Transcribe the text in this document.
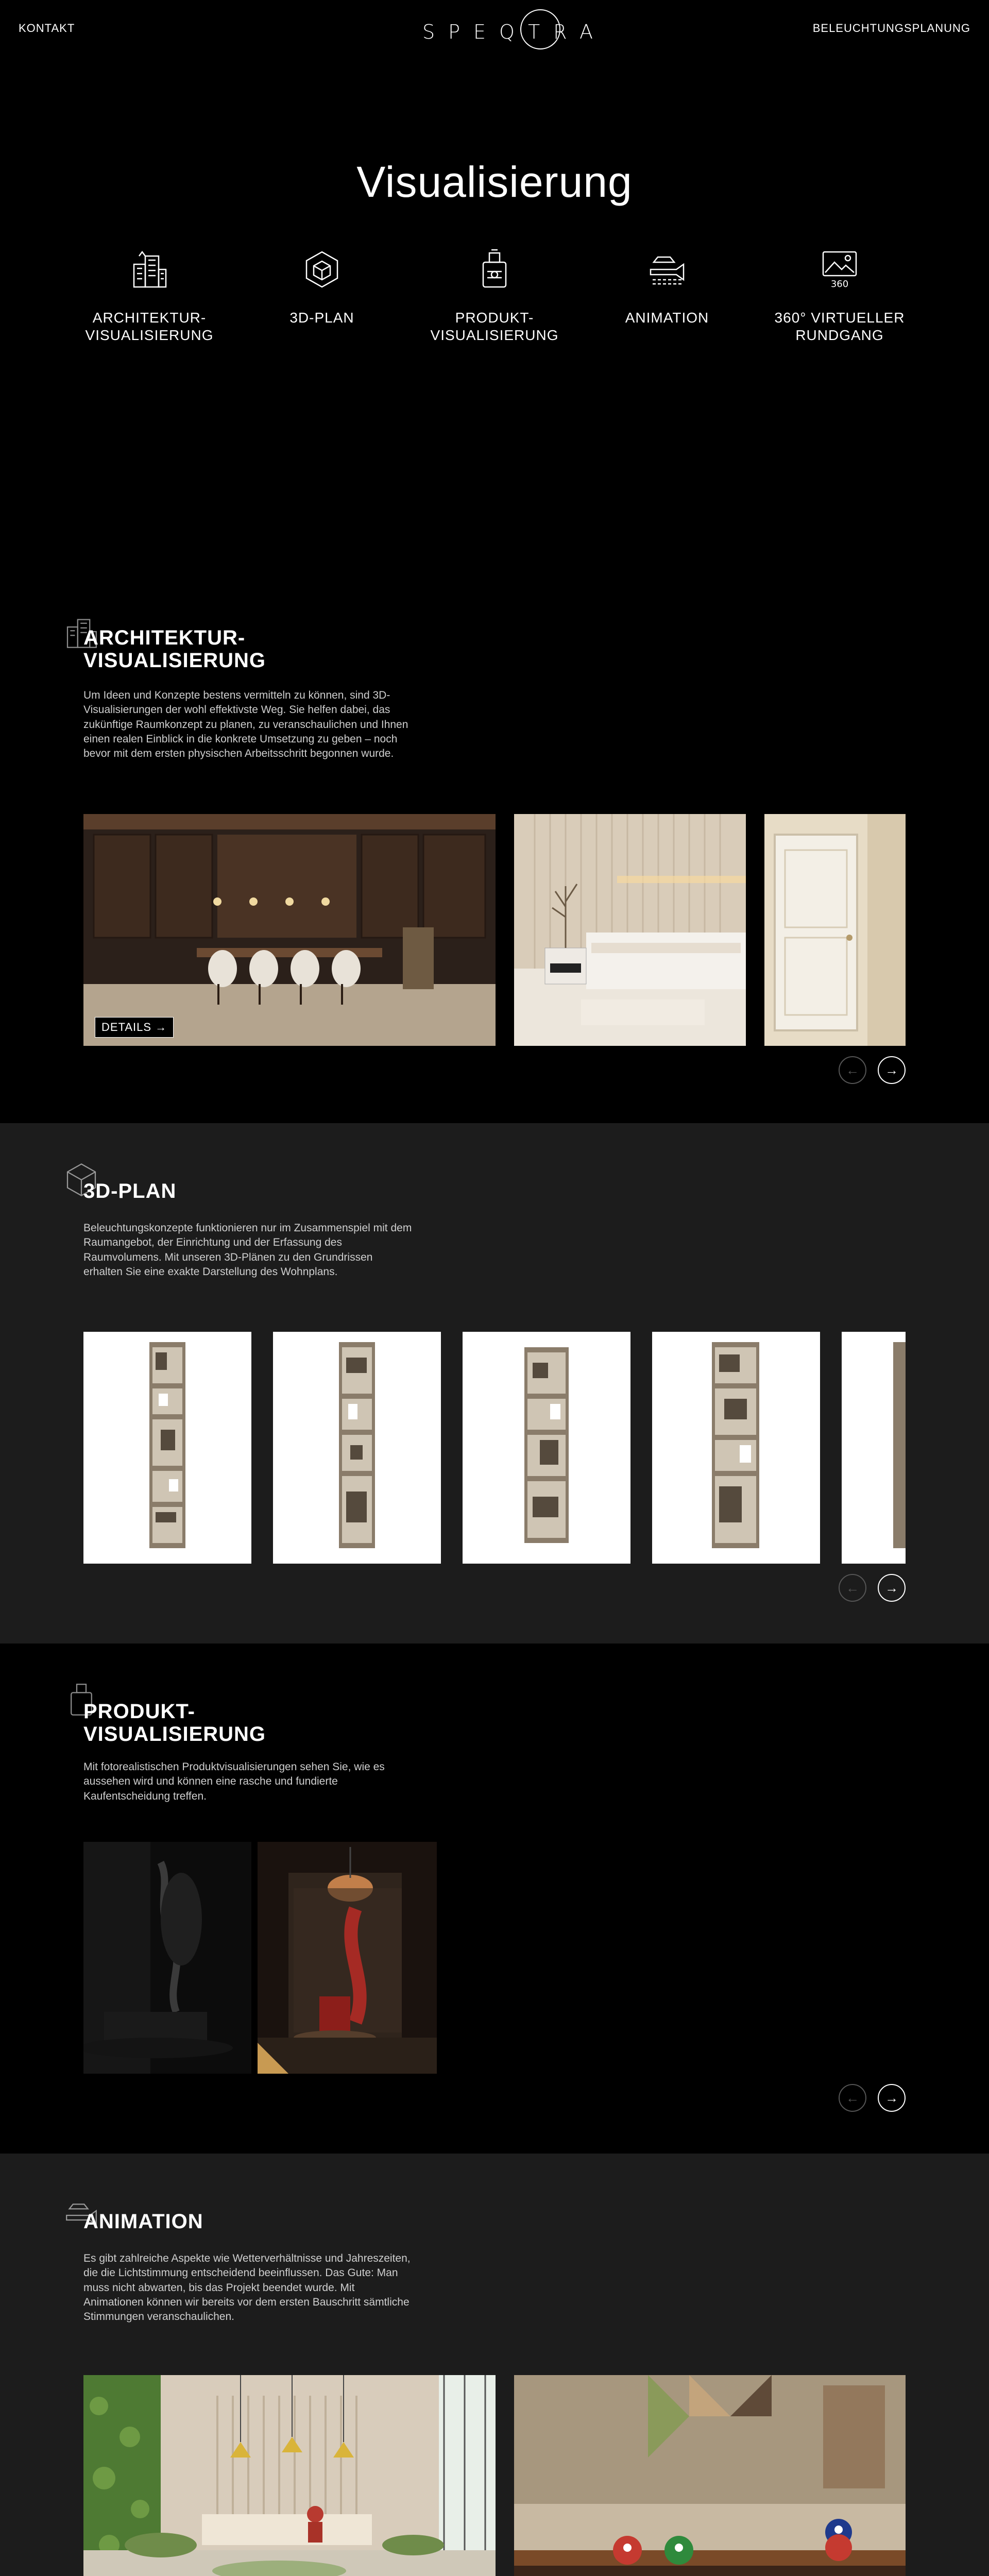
KONTAKT	SPEQTRA	BELEUCHTUNGSPLANUNG
Visualisierung
ARCHITEKTUR-
VISUALISIERUNG
3D-PLAN	PRODUKT-
VISUALISIERUNG
ANIMATION
360
360° VIRTUELLER
RUNDGANG
ARCHITEKTUR-
VISUALISIERUNG

Um Ideen und Konzepte bestens vermitteln zu können, sind 3D-Visualisierungen der wohl effektivste Weg. Sie helfen dabei, das zukünftige Raumkonzept zu planen, zu veranschaulichen und Ihnen einen realen Einblick in die konkrete Umsetzung zu geben – noch bevor mit dem ersten physischen Arbeitsschritt begonnen wurde.

DETAILS →
←	→
3D-PLAN

Beleuchtungskonzepte funktionieren nur im Zusammenspiel mit dem Raumangebot, der Einrichtung und der Erfassung des Raumvolumens. Mit unseren 3D-Plänen zu den Grundrissen erhalten Sie eine exakte Darstellung des Wohnplans.

←	→
PRODUKT-
VISUALISIERUNG

Mit fotorealistischen Produktvisualisierungen sehen Sie, wie es aussehen wird und können eine rasche und fundierte Kaufentscheidung treffen.

←	→
ANIMATION

Es gibt zahlreiche Aspekte wie Wetterverhältnisse und Jahreszeiten, die die Lichtstimmung entscheidend beeinflussen. Das Gute: Man muss nicht abwarten, bis das Projekt beendet wurde. Mit Animationen können wir bereits vor dem ersten Bauschritt sämtliche Stimmungen veranschaulichen.
